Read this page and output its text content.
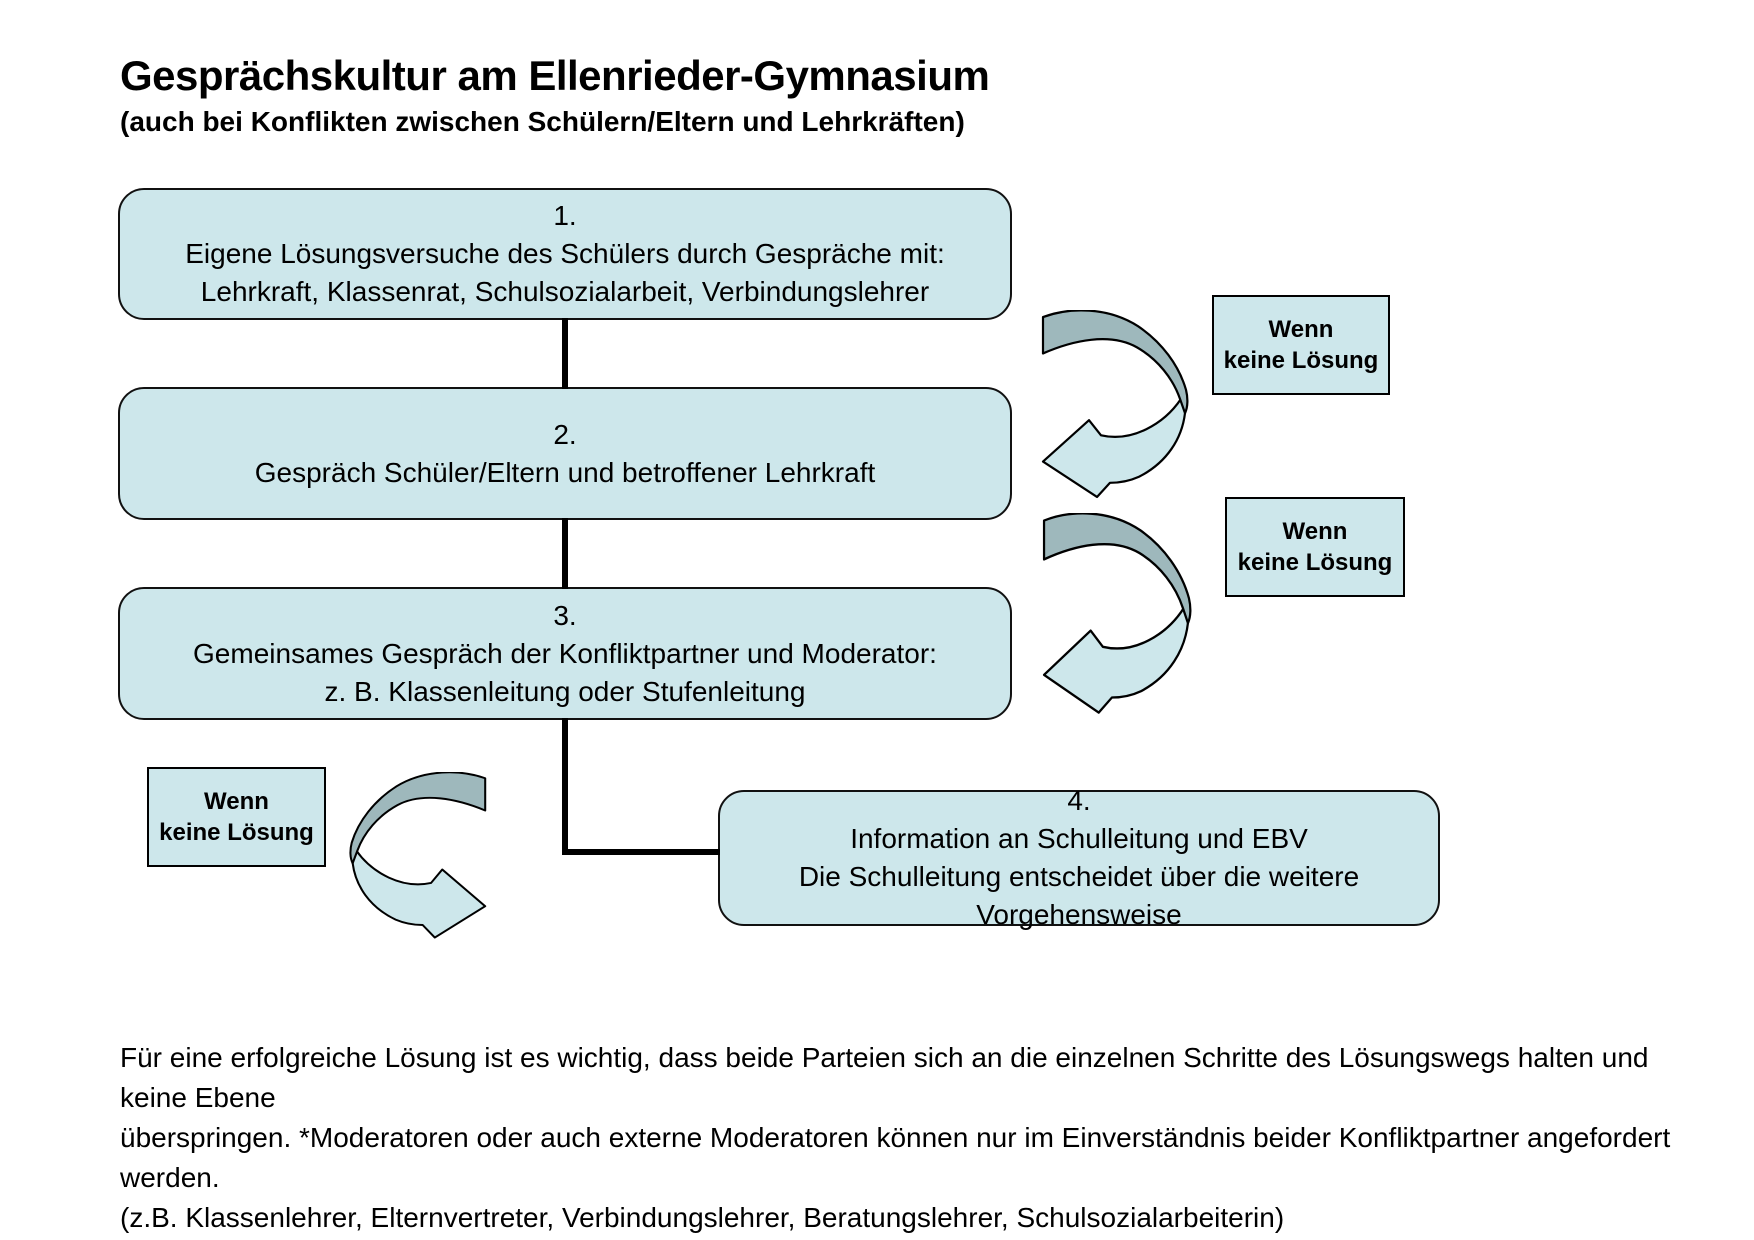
Gesprächskultur am Ellenrieder-Gymnasium
(auch bei Konflikten zwischen Schülern/Eltern und Lehrkräften)
1.
Eigene Lösungsversuche des Schülers durch Gespräche mit:
Lehrkraft, Klassenrat, Schulsozialarbeit, Verbindungslehrer
2.
Gespräch Schüler/Eltern und betroffener Lehrkraft
3.
Gemeinsames Gespräch der Konfliktpartner und Moderator:
z. B. Klassenleitung oder Stufenleitung
4.
Information an Schulleitung und EBV
Die Schulleitung entscheidet über die weitere Vorgehensweise
Wenn
keine Lösung
Wenn
keine Lösung
Wenn
keine Lösung
Für eine erfolgreiche Lösung ist es wichtig, dass beide Parteien sich an die einzelnen Schritte des Lösungswegs halten und keine Ebene
überspringen. *Moderatoren oder auch externe Moderatoren können nur im Einverständnis beider Konfliktpartner angefordert werden.
(z.B. Klassenlehrer, Elternvertreter, Verbindungslehrer, Beratungslehrer, Schulsozialarbeiterin)
